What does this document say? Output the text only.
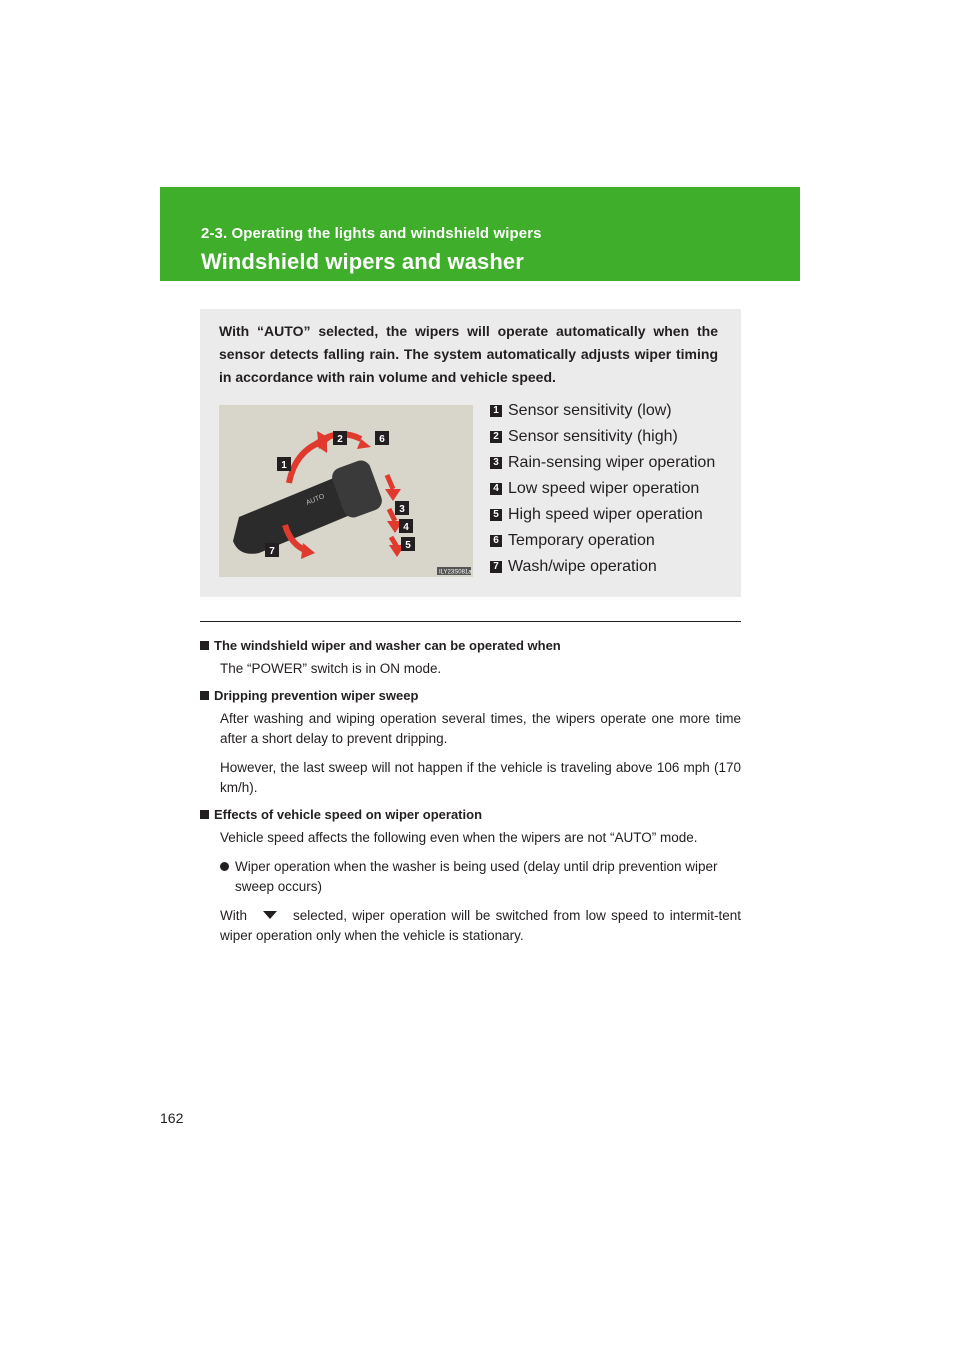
2-3. Operating the lights and windshield wipers
Windshield wipers and washer
With “AUTO” selected, the wipers will operate automatically when the sensor detects falling rain. The system automatically adjusts wiper timing in accordance with rain volume and vehicle speed.
AUTO
1
2	6
3
4
5
7
ILY23S081a
1 Sensor sensitivity (low)
2 Sensor sensitivity (high)
3 Rain-sensing wiper operation
4 Low speed wiper operation
5 High speed wiper operation
6 Temporary operation
7 Wash/wipe operation
The windshield wiper and washer can be operated when

The “POWER” switch is in ON mode.

Dripping prevention wiper sweep

After washing and wiping operation several times, the wipers operate one more time after a short delay to prevent dripping.

However, the last sweep will not happen if the vehicle is traveling above 106 mph (170 km/h).

Effects of vehicle speed on wiper operation

Vehicle speed affects the following even when the wipers are not “AUTO” mode.

Wiper operation when the washer is being used (delay until drip prevention wiper sweep occurs)

With	selected, wiper operation will be switched from low speed to intermit-tent wiper operation only when the vehicle is stationary.

162
